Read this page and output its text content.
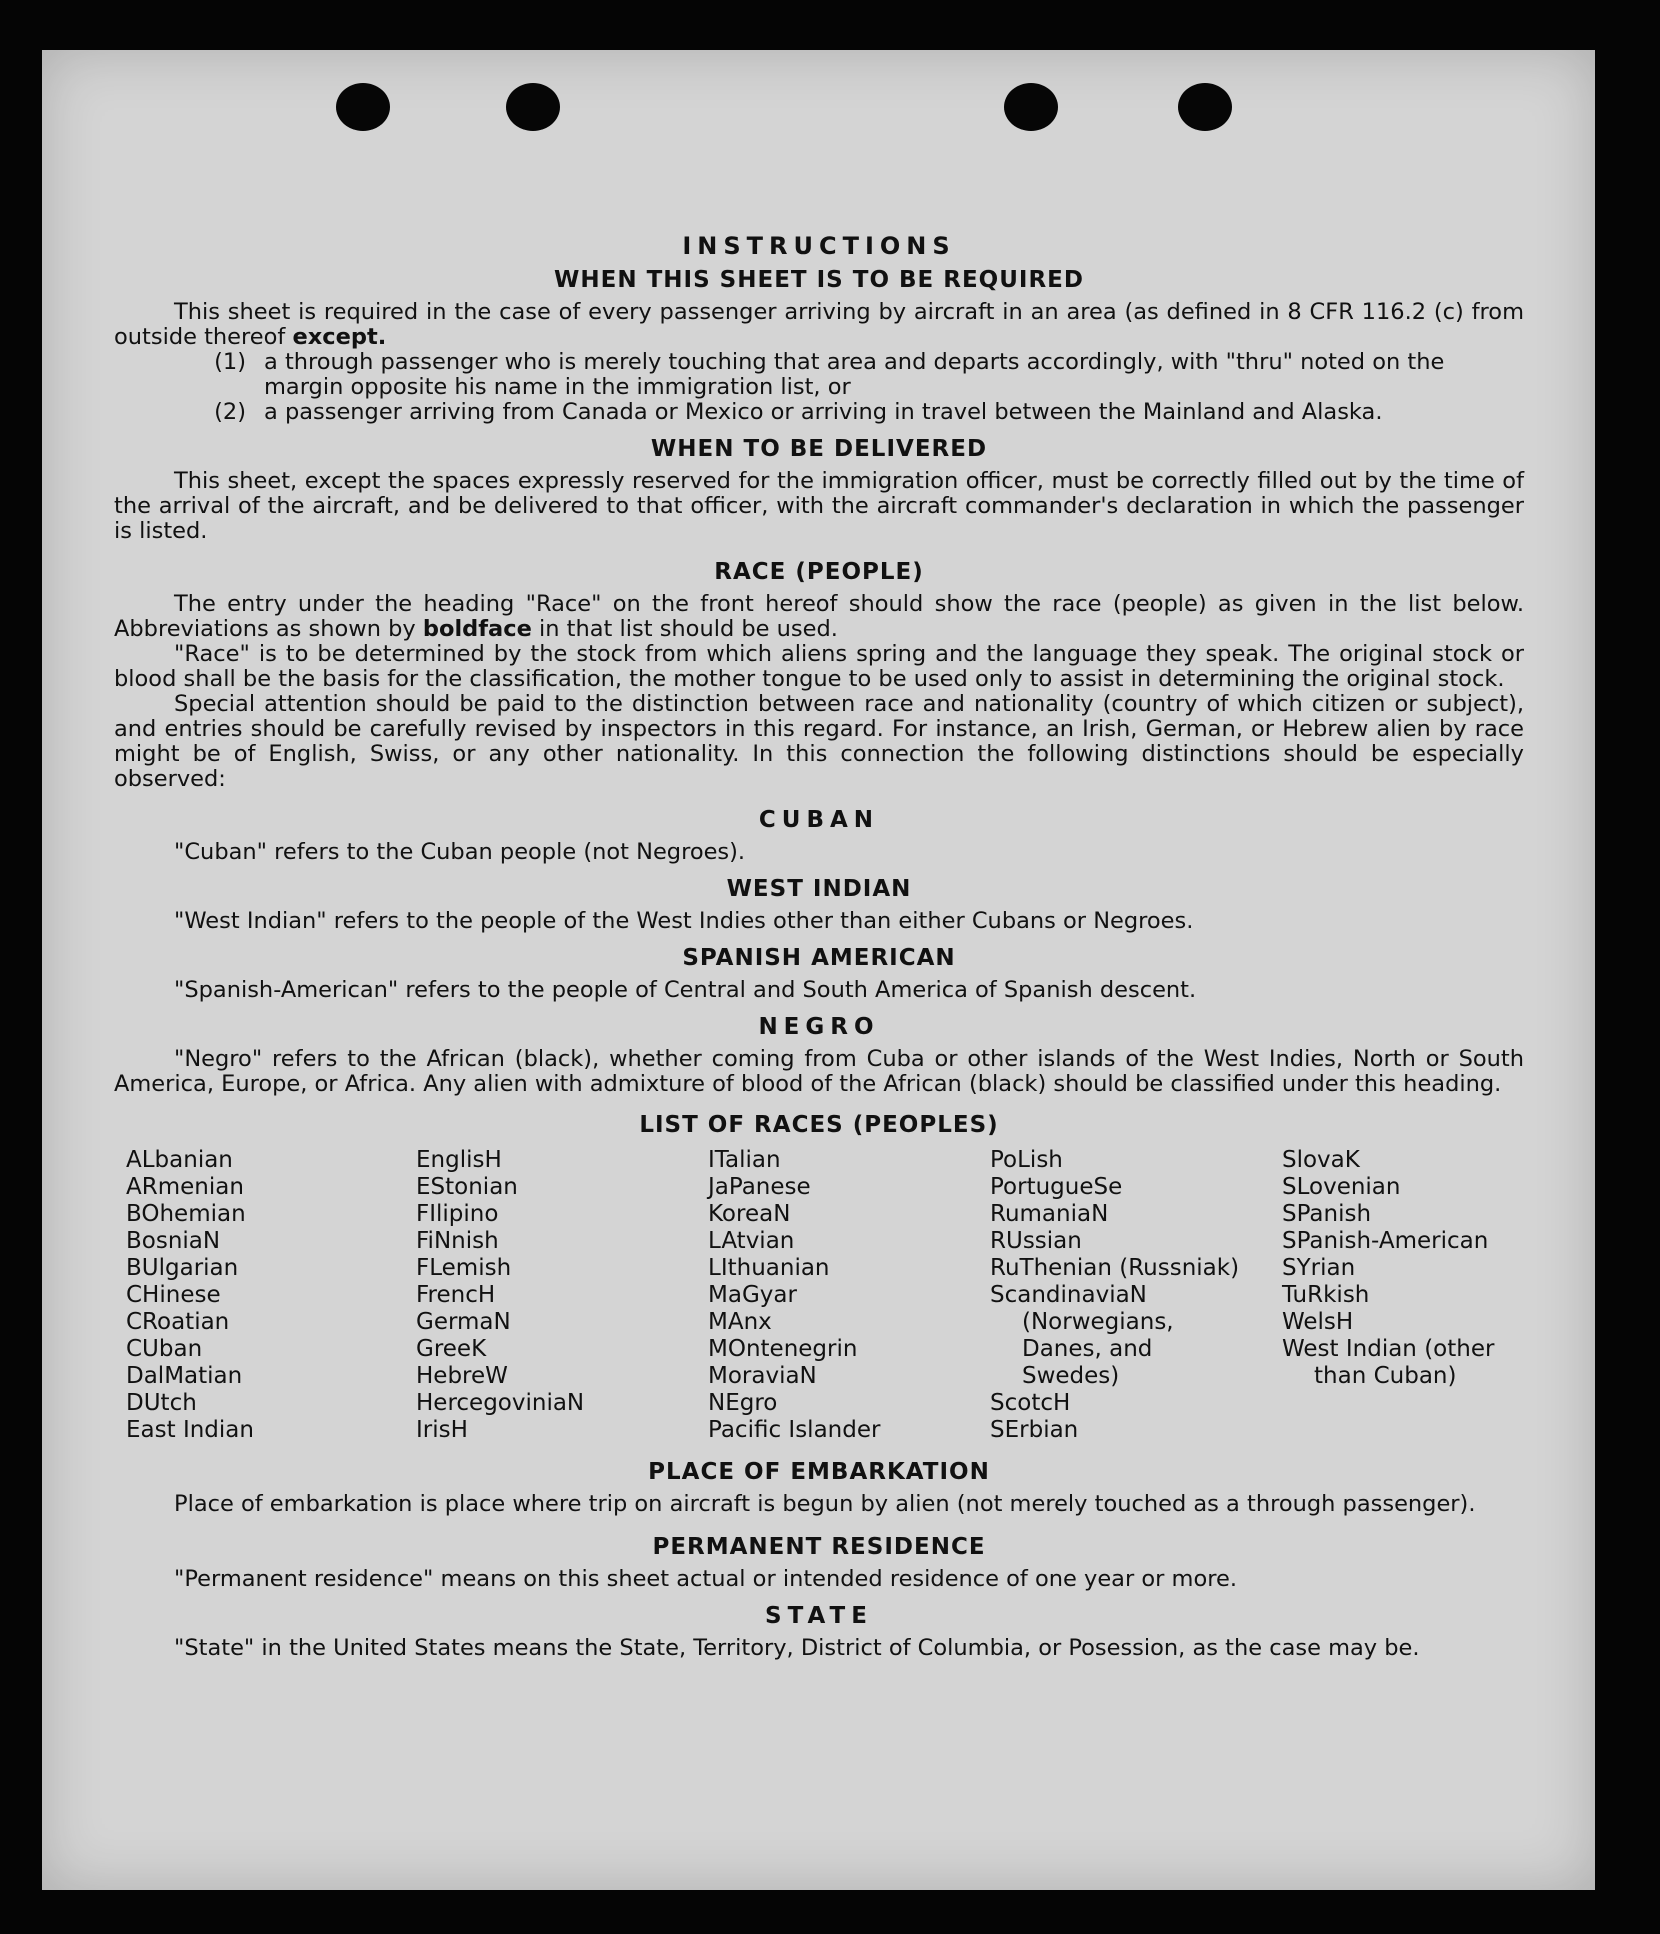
INSTRUCTIONS
WHEN THIS SHEET IS TO BE REQUIRED

This sheet is required in the case of every passenger arriving by aircraft in an area (as defined in 8 CFR 116.2 (c) from outside thereof except.

(1) a through passenger who is merely touching that area and departs accordingly, with "thru" noted on the margin opposite his name in the immigration list, or
(2) a passenger arriving from Canada or Mexico or arriving in travel between the Mainland and Alaska.
WHEN TO BE DELIVERED

This sheet, except the spaces expressly reserved for the immigration officer, must be correctly filled out by the time of the arrival of the aircraft, and be delivered to that officer, with the aircraft commander's declaration in which the passenger is listed.

RACE (PEOPLE)

The entry under the heading "Race" on the front hereof should show the race (people) as given in the list below. Abbreviations as shown by boldface in that list should be used.

"Race" is to be determined by the stock from which aliens spring and the language they speak. The original stock or blood shall be the basis for the classification, the mother tongue to be used only to assist in determining the original stock.

Special attention should be paid to the distinction between race and nationality (country of which citizen or subject), and entries should be carefully revised by inspectors in this regard. For instance, an Irish, German, or Hebrew alien by race might be of English, Swiss, or any other nationality. In this connection the following distinctions should be especially observed:

CUBAN

"Cuban" refers to the Cuban people (not Negroes).

WEST INDIAN

"West Indian" refers to the people of the West Indies other than either Cubans or Negroes.

SPANISH AMERICAN

"Spanish-American" refers to the people of Central and South America of Spanish descent.

NEGRO

"Negro" refers to the African (black), whether coming from Cuba or other islands of the West Indies, North or South America, Europe, or Africa. Any alien with admixture of blood of the African (black) should be classified under this heading.

LIST OF RACES (PEOPLES)
ALbanian
ARmenian
BOhemian
BosniaN
BUlgarian
CHinese
CRoatian
CUban
DalMatian
DUtch
East Indian
EnglisH
EStonian
FIlipino
FiNnish
FLemish
FrencH
GermaN
GreeK
HebreW
HercegoviniaN
IrisH
ITalian
JaPanese
KoreaN
LAtvian
LIthuanian
MaGyar
MAnx
MOntenegrin
MoraviaN
NEgro
Pacific Islander
PoLish
PortugueSe
RumaniaN
RUssian
RuThenian (Russniak)
ScandinaviaN
(Norwegians,
Danes, and
Swedes)
ScotcH
SErbian
SlovaK
SLovenian
SPanish
SPanish-American
SYrian
TuRkish
WelsH
West Indian (other
than Cuban)
PLACE OF EMBARKATION

Place of embarkation is place where trip on aircraft is begun by alien (not merely touched as a through passenger).

PERMANENT RESIDENCE

"Permanent residence" means on this sheet actual or intended residence of one year or more.

STATE

"State" in the United States means the State, Territory, District of Columbia, or Posession, as the case may be.
